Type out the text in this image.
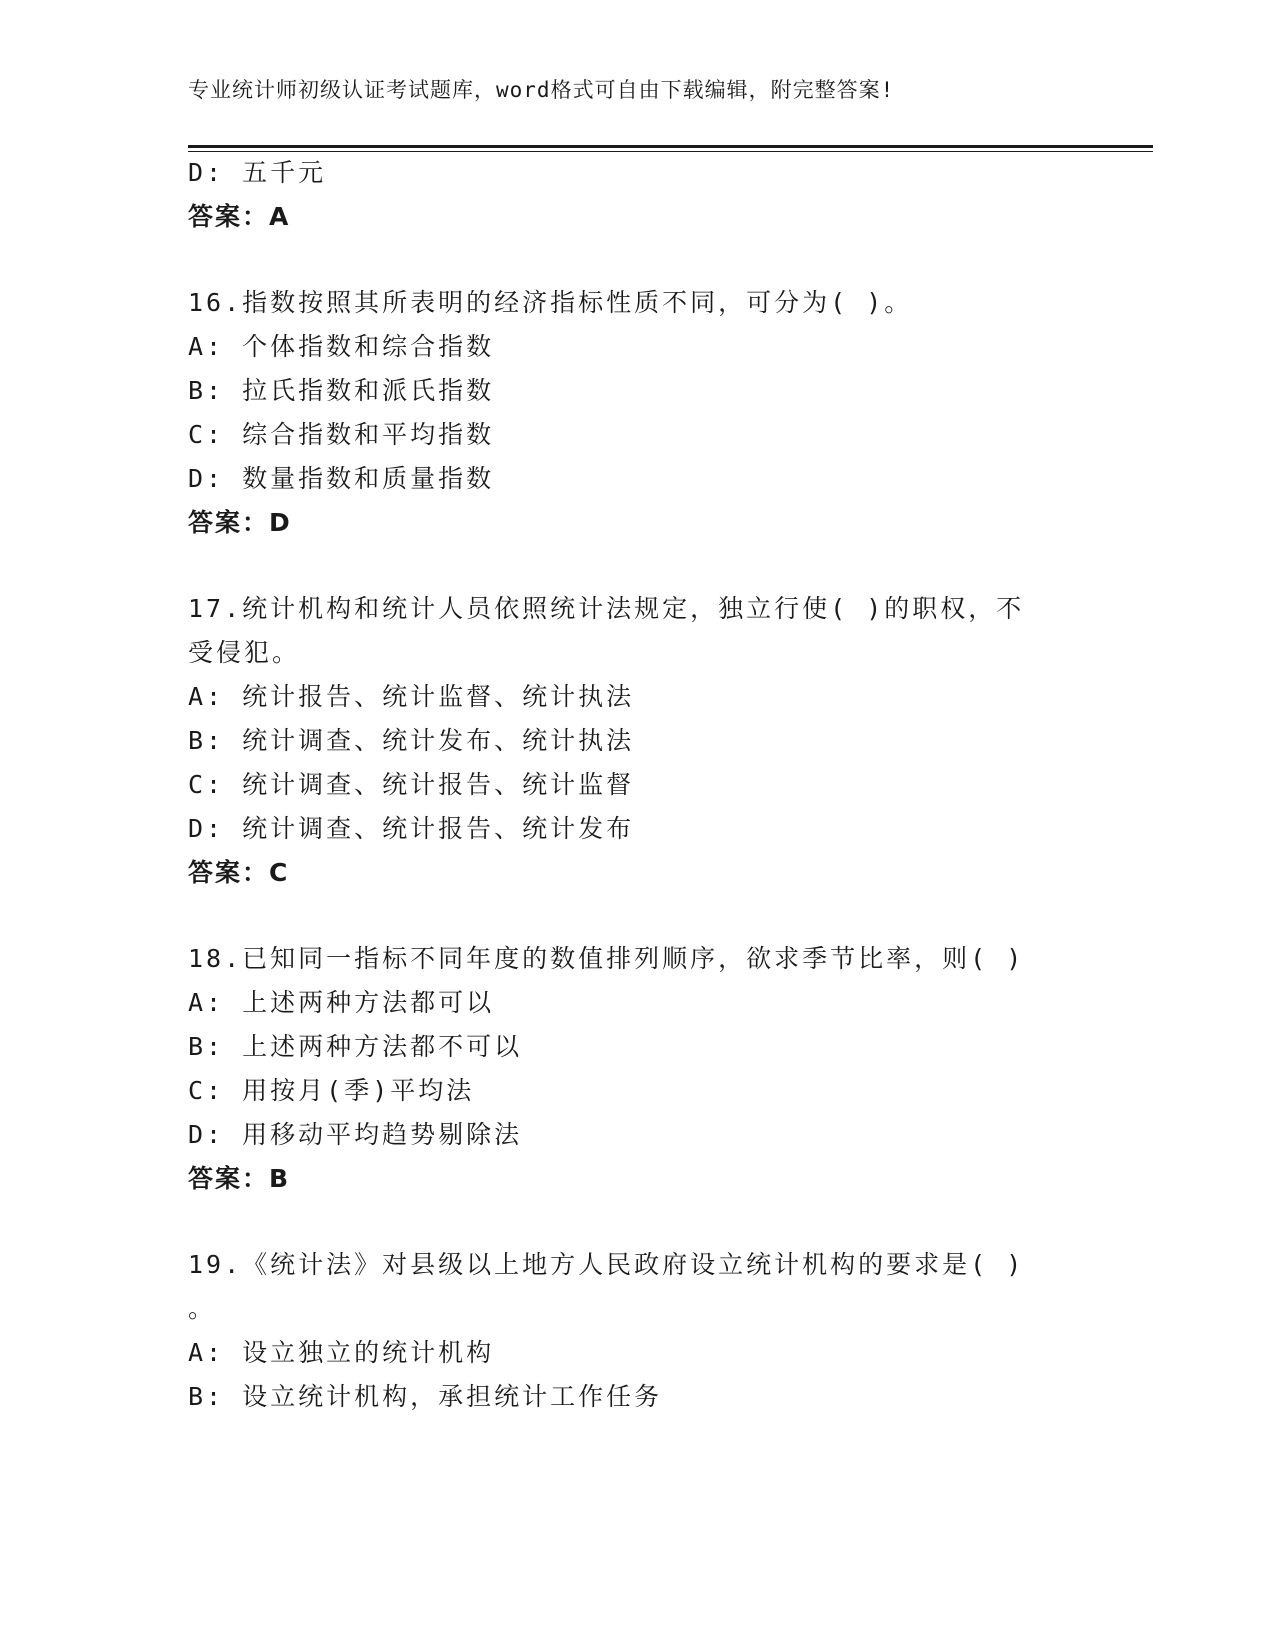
专业统计师初级认证考试题库，word格式可自由下载编辑，附完整答案!
D: 五千元
答案：A
16.指数按照其所表明的经济指标性质不同，可分为( )。
A: 个体指数和综合指数
B: 拉氏指数和派氏指数
C: 综合指数和平均指数
D: 数量指数和质量指数
答案：D
17.统计机构和统计人员依照统计法规定，独立行使( )的职权，不
受侵犯。
A: 统计报告、统计监督、统计执法
B: 统计调查、统计发布、统计执法
C: 统计调查、统计报告、统计监督
D: 统计调查、统计报告、统计发布
答案：C
18.已知同一指标不同年度的数值排列顺序，欲求季节比率，则( )
A: 上述两种方法都可以
B: 上述两种方法都不可以
C: 用按月(季)平均法
D: 用移动平均趋势剔除法
答案：B
19.《统计法》对县级以上地方人民政府设立统计机构的要求是( )
。
A: 设立独立的统计机构
B: 设立统计机构，承担统计工作任务
